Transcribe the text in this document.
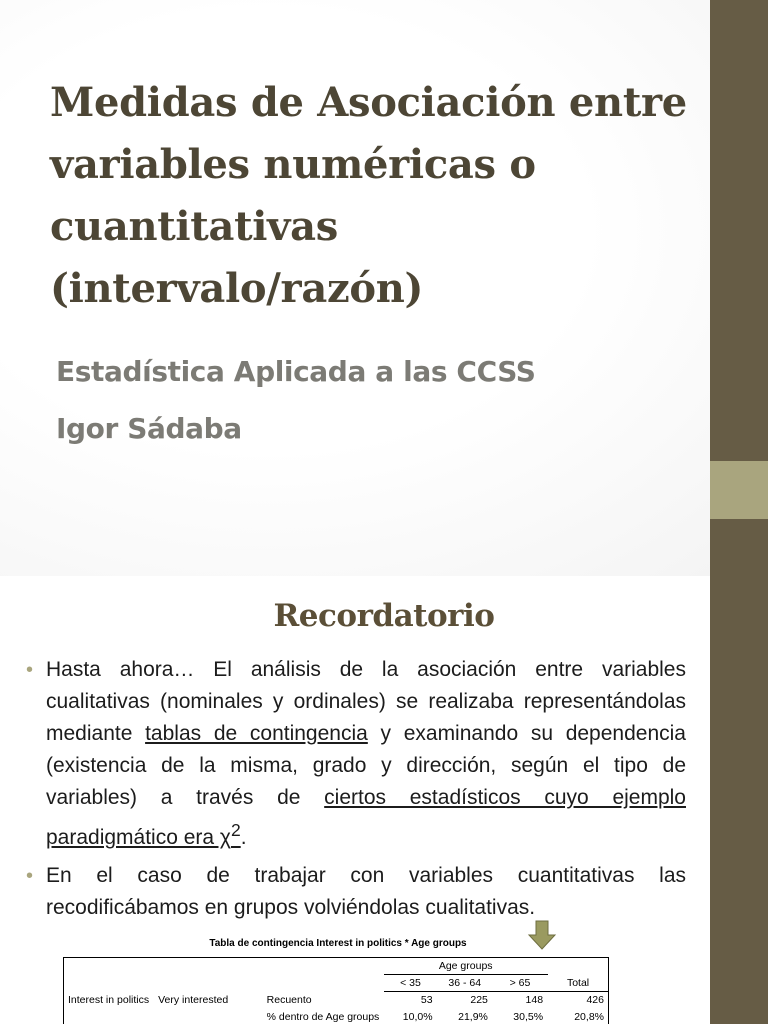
Medidas de Asociación entre variables numéricas o cuantitativas (intervalo/razón)

Estadística Aplicada a las CCSS

Igor Sádaba

Recordatorio
• Hasta ahora… El análisis de la asociación entre variables cualitativas (nominales y ordinales) se realizaba representándolas mediante tablas de contingencia y examinando su dependencia (existencia de la misma, grado y dirección, según el tipo de variables) a través de ciertos estadísticos cuyo ejemplo paradigmático era $\chi^2$.
• En el caso de trabajar con variables cuantitativas las recodificábamos en grupos volviéndolas cualitativas.
Tabla de contingencia Interest in politics * Age groups
			Age groups			
			< 35	36 - 64	> 65	Total
Interest in politics	Very interested	Recuento	53	225	148	426
		% dentro de Age groups	10,0%	21,9%	30,5%	20,8%
